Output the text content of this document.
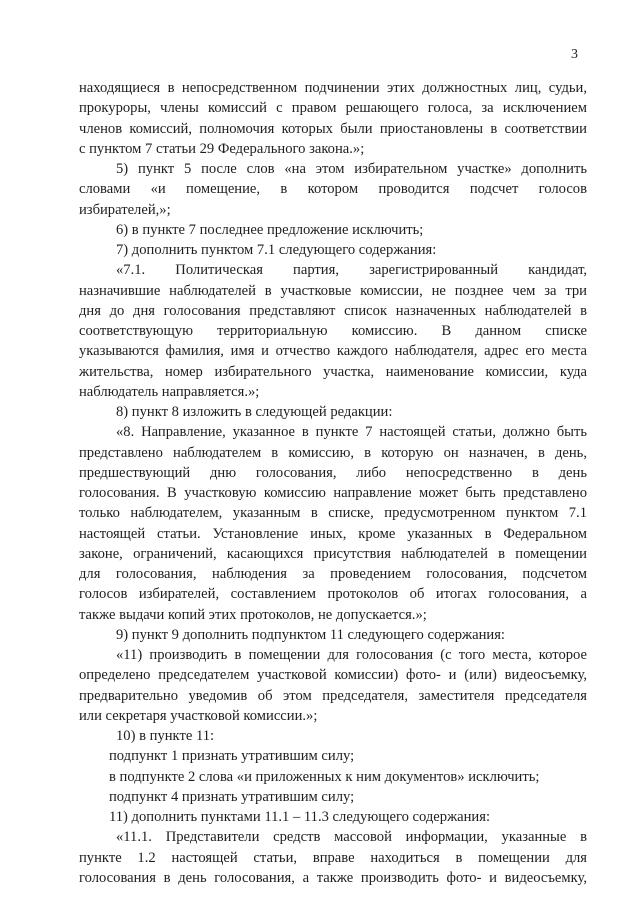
3
находящиеся в непосредственном подчинении этих должностных лиц, судьи,
прокуроры, члены комиссий с правом решающего голоса, за исключением
членов комиссий, полномочия которых были приостановлены в соответствии
с пунктом 7 статьи 29 Федерального закона.»;
5) пункт 5 после слов «на этом избирательном участке» дополнить
словами «и помещение, в котором проводится подсчет голосов
избирателей,»;
6) в пункте 7 последнее предложение исключить;
7) дополнить пунктом 7.1 следующего содержания:
«7.1. Политическая партия, зарегистрированный кандидат,
назначившие наблюдателей в участковые комиссии, не позднее чем за три
дня до дня голосования представляют список назначенных наблюдателей в
соответствующую территориальную комиссию. В данном списке
указываются фамилия, имя и отчество каждого наблюдателя, адрес его места
жительства, номер избирательного участка, наименование комиссии, куда
наблюдатель направляется.»;
8) пункт 8 изложить в следующей редакции:
«8. Направление, указанное в пункте 7 настоящей статьи, должно быть
представлено наблюдателем в комиссию, в которую он назначен, в день,
предшествующий дню голосования, либо непосредственно в день
голосования. В участковую комиссию направление может быть представлено
только наблюдателем, указанным в списке, предусмотренном пунктом 7.1
настоящей статьи. Установление иных, кроме указанных в Федеральном
законе, ограничений, касающихся присутствия наблюдателей в помещении
для голосования, наблюдения за проведением голосования, подсчетом
голосов избирателей, составлением протоколов об итогах голосования, а
также выдачи копий этих протоколов, не допускается.»;
9) пункт 9 дополнить подпунктом 11 следующего содержания:
«11) производить в помещении для голосования (с того места, которое
определено председателем участковой комиссии) фото- и (или) видеосъемку,
предварительно уведомив об этом председателя, заместителя председателя
или секретаря участковой комиссии.»;
10) в пункте 11:
подпункт 1 признать утратившим силу;
в подпункте 2 слова «и приложенных к ним документов» исключить;
подпункт 4 признать утратившим силу;
11) дополнить пунктами 11.1 – 11.3 следующего содержания:
«11.1. Представители средств массовой информации, указанные в
пункте 1.2 настоящей статьи, вправе находиться в помещении для
голосования в день голосования, а также производить фото- и видеосъемку,
